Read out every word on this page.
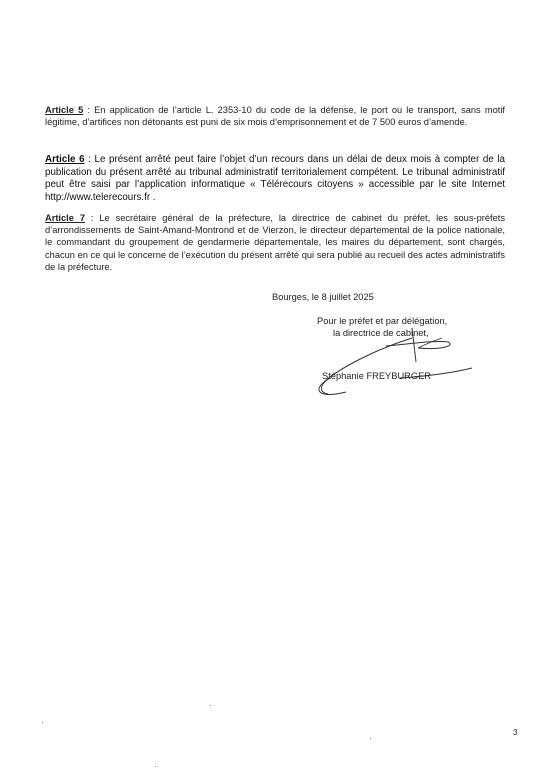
Article 5 : En application de l’article L. 2353-10 du code de la défense, le port ou le transport, sans motif légitime, d’artifices non détonants est puni de six mois d’emprisonnement et de 7 500 euros d’amende.

Article 6 : Le présent arrêté peut faire l’objet d’un recours dans un délai de deux mois à compter de la publication du présent arrêté au tribunal administratif territorialement compétent. Le tribunal administratif peut être saisi par l’application informatique « Télérecours citoyens » accessible par le site Internet http://www.telerecours.fr .

Article 7 : Le secrétaire général de la préfecture, la directrice de cabinet du préfet, les sous-préfets d’arrondissements de Saint-Amand-Montrond et de Vierzon, le directeur départemental de la police nationale, le commandant du groupement de gendarmerie départementale, les maires du département, sont chargés, chacun en ce qui le concerne de l’exécution du présent arrêté qui sera publié au recueil des actes administratifs de la préfecture.

Bourges, le 8 juillet 2025

Pour le préfet et par délégation,

la directrice de cabinet,

Stéphanie FREYBURGER

3
